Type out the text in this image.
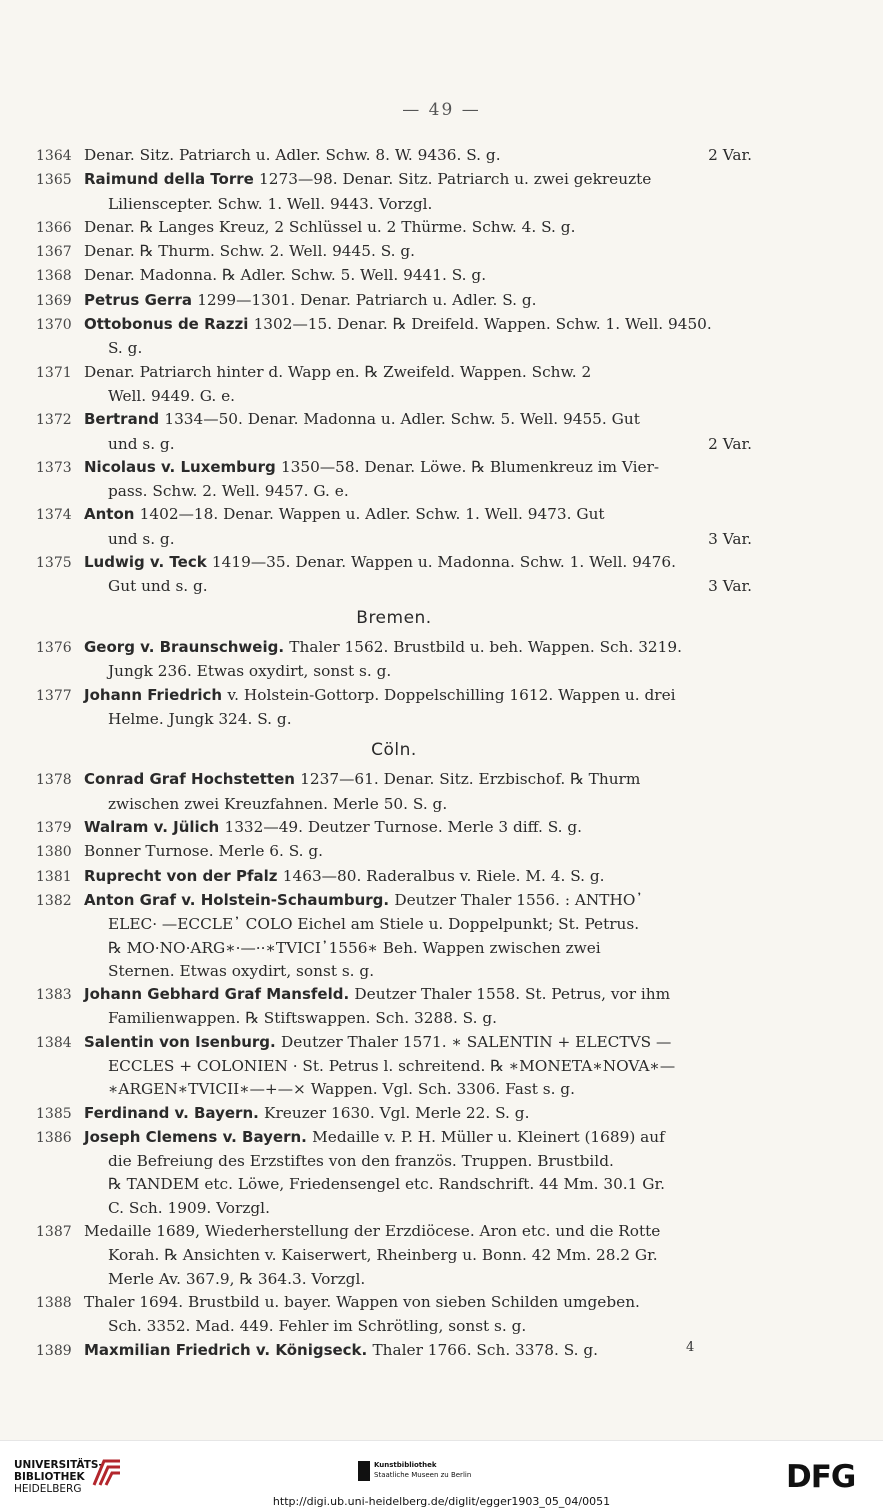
— 49 —
1364 Denar. Sitz. Patriarch u. Adler. Schw. 8. W. 9436. S. g.	2 Var.
1365 Raimund della Torre 1273—98. Denar. Sitz. Patriarch u. zwei gekreuzte
Lilienscepter. Schw. 1. Well. 9443. Vorzgl.
1366 Denar. ℞ Langes Kreuz, 2 Schlüssel u. 2 Thürme. Schw. 4. S. g.
1367 Denar. ℞ Thurm. Schw. 2. Well. 9445. S. g.
1368 Denar. Madonna. ℞ Adler. Schw. 5. Well. 9441. S. g.
1369 Petrus Gerra 1299—1301. Denar. Patriarch u. Adler. S. g.
1370 Ottobonus de Razzi 1302—15. Denar. ℞ Dreifeld. Wappen. Schw. 1. Well. 9450.
S. g.
1371 Denar. Patriarch hinter d. Wapp en. ℞ Zweifeld. Wappen. Schw. 2
Well. 9449. G. e.
1372 Bertrand 1334—50. Denar. Madonna u. Adler. Schw. 5. Well. 9455. Gut
und s. g.	2 Var.
1373 Nicolaus v. Luxemburg 1350—58. Denar. Löwe. ℞ Blumenkreuz im Vier-
pass. Schw. 2. Well. 9457. G. e.
1374 Anton 1402—18. Denar. Wappen u. Adler. Schw. 1. Well. 9473. Gut
und s. g.	3 Var.
1375 Ludwig v. Teck 1419—35. Denar. Wappen u. Madonna. Schw. 1. Well. 9476.
Gut und s. g.	3 Var.
Bremen.
1376 Georg v. Braunschweig. Thaler 1562. Brustbild u. beh. Wappen. Sch. 3219.
Jungk 236. Etwas oxydirt, sonst s. g.
1377 Johann Friedrich v. Holstein-Gottorp. Doppelschilling 1612. Wappen u. drei
Helme. Jungk 324. S. g.
Cöln.
1378 Conrad Graf Hochstetten 1237—61. Denar. Sitz. Erzbischof. ℞ Thurm
zwischen zwei Kreuzfahnen. Merle 50. S. g.
1379 Walram v. Jülich 1332—49. Deutzer Turnose. Merle 3 diff. S. g.
1380 Bonner Turnose. Merle 6. S. g.
1381 Ruprecht von der Pfalz 1463—80. Raderalbus v. Riele. M. 4. S. g.
1382 Anton Graf v. Holstein-Schaumburg. Deutzer Thaler 1556. : ANTHO᾽
ELEC· —ECCLE᾽ COLO Eichel am Stiele u. Doppelpunkt; St. Petrus.
℞ MO·NO·ARG∗·—··∗TVICI᾽1556∗ Beh. Wappen zwischen zwei
Sternen. Etwas oxydirt, sonst s. g.
1383 Johann Gebhard Graf Mansfeld. Deutzer Thaler 1558. St. Petrus, vor ihm
Familienwappen. ℞ Stiftswappen. Sch. 3288. S. g.
1384 Salentin von Isenburg. Deutzer Thaler 1571. ∗ SALENTIN + ELECTVS —
ECCLES + COLONIEN · St. Petrus l. schreitend. ℞ ∗MONETA∗NOVA∗—
∗ARGEN∗TVICII∗—+—× Wappen. Vgl. Sch. 3306. Fast s. g.
1385 Ferdinand v. Bayern. Kreuzer 1630. Vgl. Merle 22. S. g.
1386 Joseph Clemens v. Bayern. Medaille v. P. H. Müller u. Kleinert (1689) auf
die Befreiung des Erzstiftes von den französ. Truppen. Brustbild.
℞ TANDEM etc. Löwe, Friedensengel etc. Randschrift. 44 Mm. 30.1 Gr.
C. Sch. 1909. Vorzgl.
1387 Medaille 1689, Wiederherstellung der Erzdiöcese. Aron etc. und die Rotte
Korah. ℞ Ansichten v. Kaiserwert, Rheinberg u. Bonn. 42 Mm. 28.2 Gr.
Merle Av. 367.9, ℞ 364.3. Vorzgl.
1388 Thaler 1694. Brustbild u. bayer. Wappen von sieben Schilden umgeben.
Sch. 3352. Mad. 449. Fehler im Schrötling, sonst s. g.
1389 Maxmilian Friedrich v. Königseck. Thaler 1766. Sch. 3378. S. g.	4
UNIVERSITÄTS-
BIBLIOTHEK
HEIDELBERG
Kunstbibliothek
Staatliche Museen zu Berlin	DFG
http://digi.ub.uni-heidelberg.de/diglit/egger1903_05_04/0051
